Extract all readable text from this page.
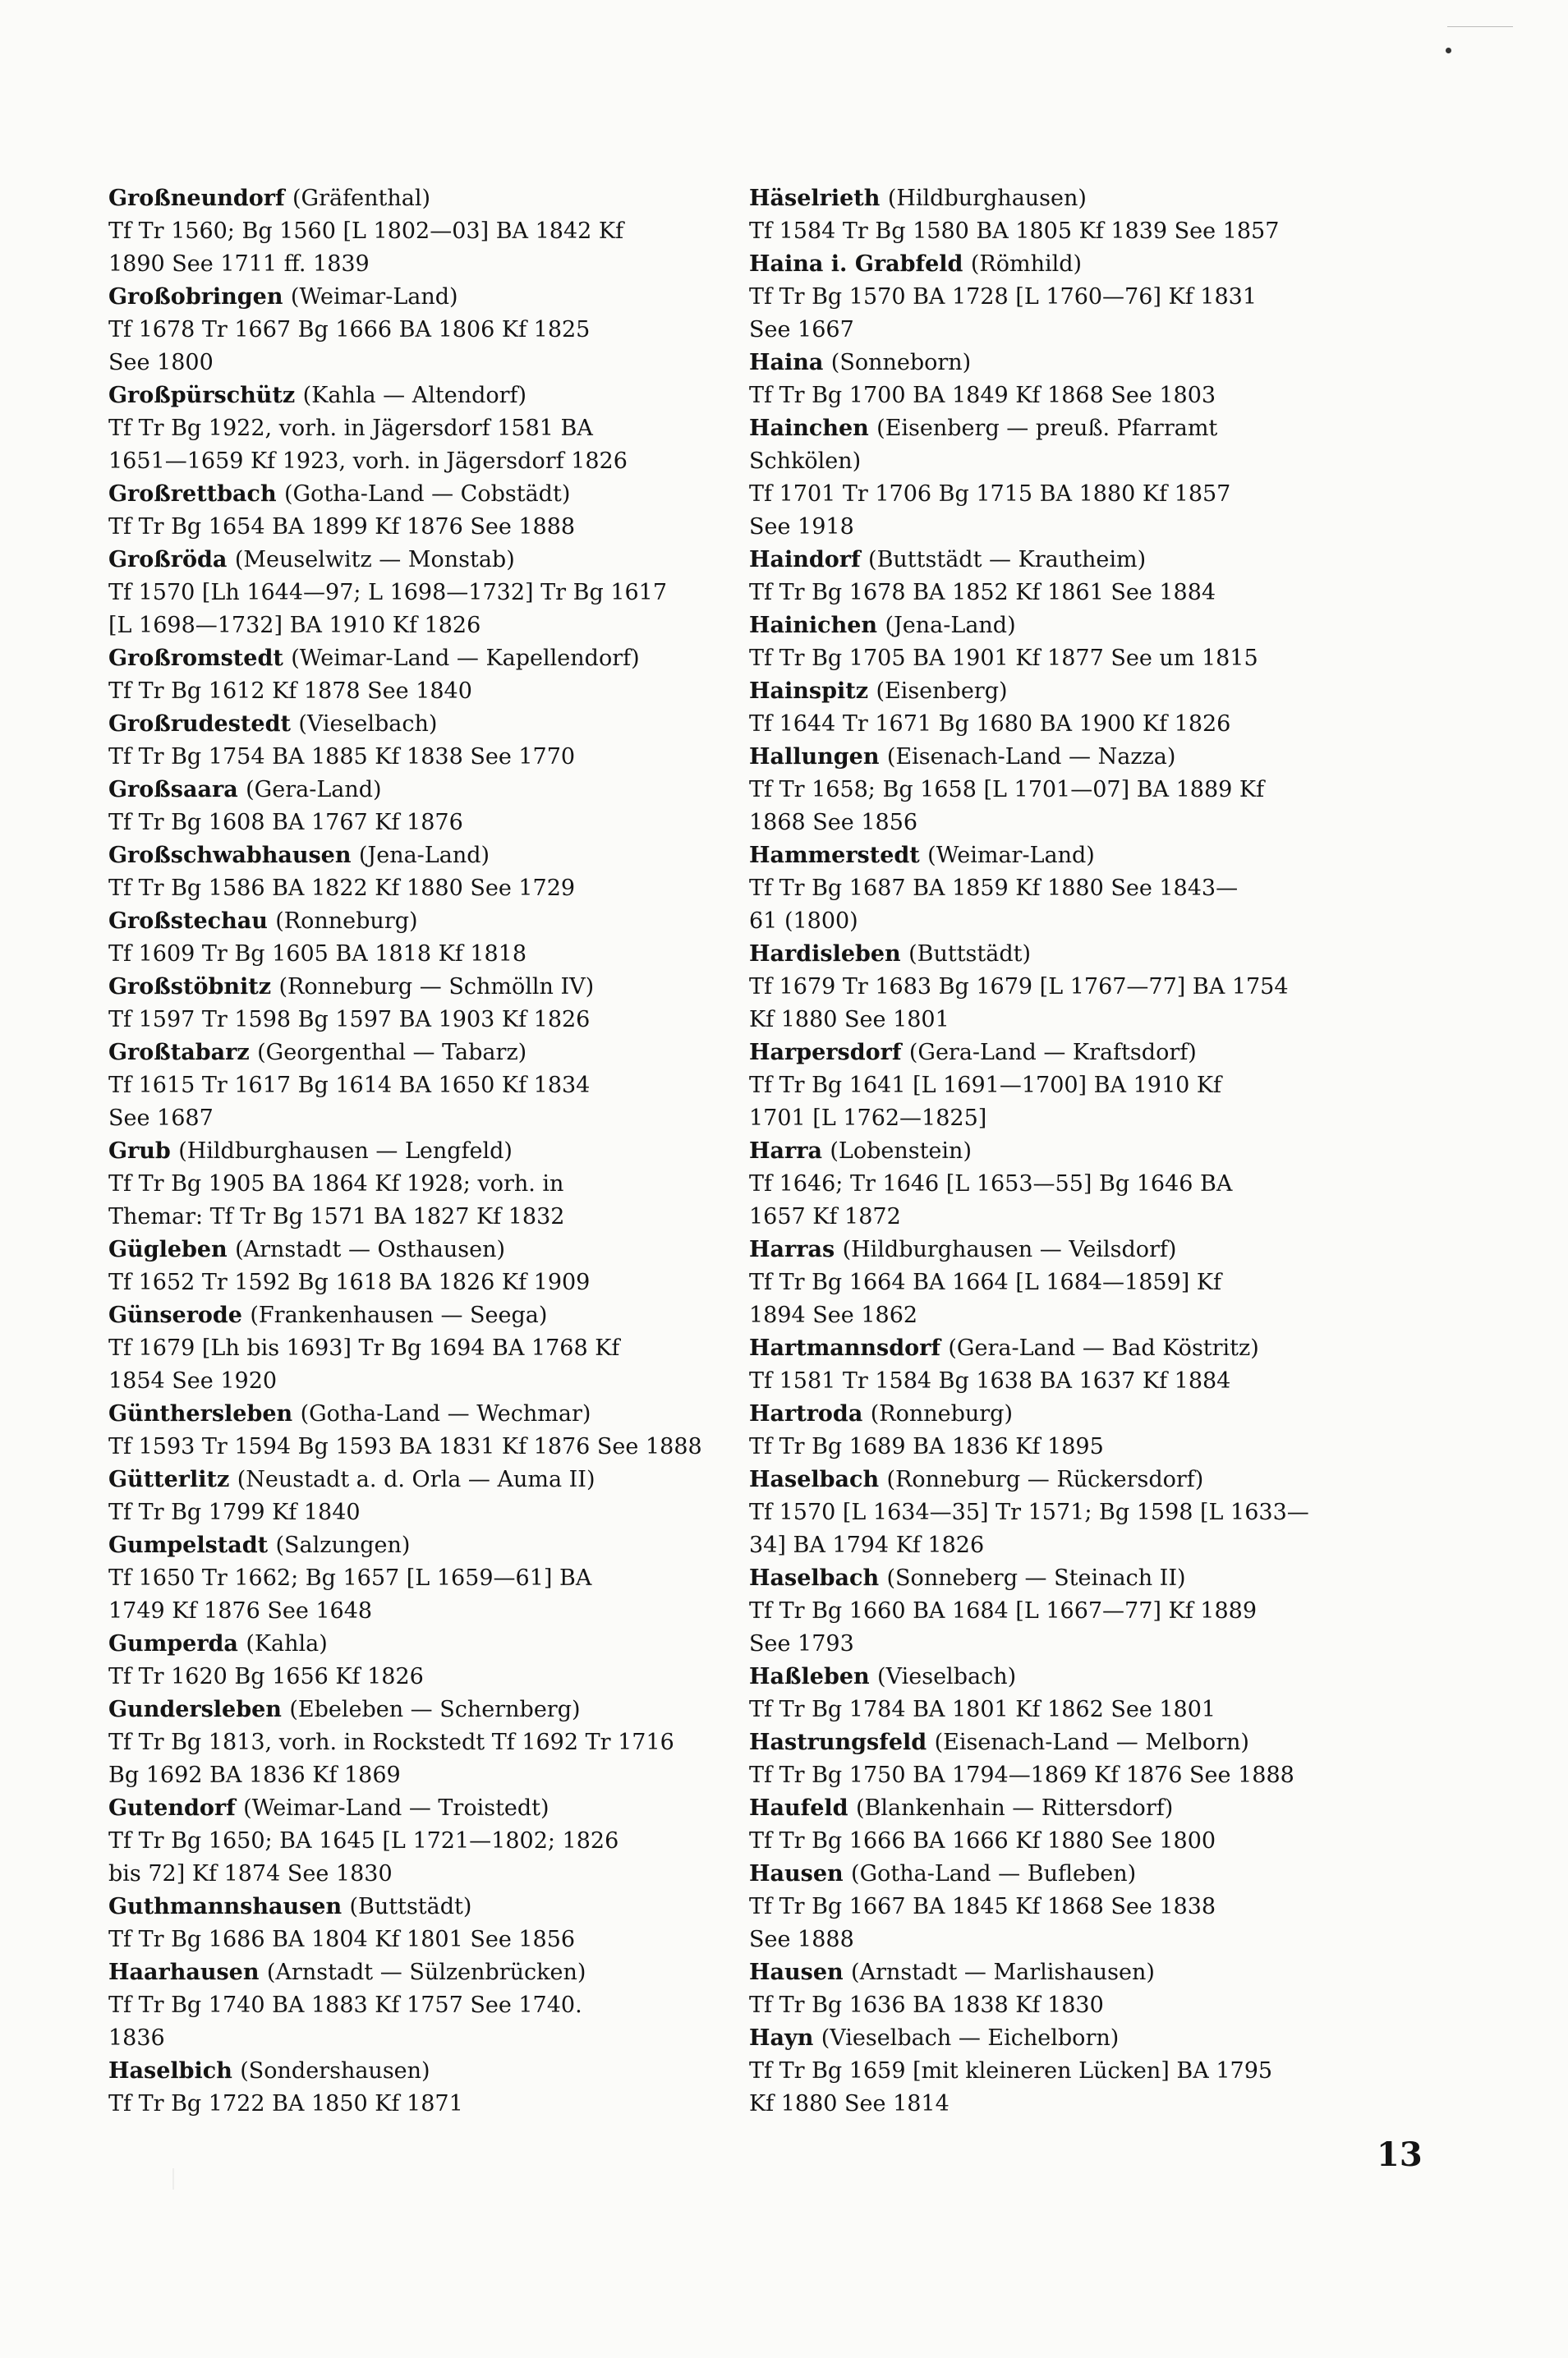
Großneundorf (Gräfenthal)
Tf Tr 1560; Bg 1560 [L 1802—03] BA 1842 Kf
1890 See 1711 ff. 1839
Großobringen (Weimar-Land)
Tf 1678 Tr 1667 Bg 1666 BA 1806 Kf 1825
See 1800
Großpürschütz (Kahla — Altendorf)
Tf Tr Bg 1922, vorh. in Jägersdorf 1581 BA
1651—1659 Kf 1923, vorh. in Jägersdorf 1826
Großrettbach (Gotha-Land — Cobstädt)
Tf Tr Bg 1654 BA 1899 Kf 1876 See 1888
Großröda (Meuselwitz — Monstab)
Tf 1570 [Lh 1644—97; L 1698—1732] Tr Bg 1617
[L 1698—1732] BA 1910 Kf 1826
Großromstedt (Weimar-Land — Kapellendorf)
Tf Tr Bg 1612 Kf 1878 See 1840
Großrudestedt (Vieselbach)
Tf Tr Bg 1754 BA 1885 Kf 1838 See 1770
Großsaara (Gera-Land)
Tf Tr Bg 1608 BA 1767 Kf 1876
Großschwabhausen (Jena-Land)
Tf Tr Bg 1586 BA 1822 Kf 1880 See 1729
Großstechau (Ronneburg)
Tf 1609 Tr Bg 1605 BA 1818 Kf 1818
Großstöbnitz (Ronneburg — Schmölln IV)
Tf 1597 Tr 1598 Bg 1597 BA 1903 Kf 1826
Großtabarz (Georgenthal — Tabarz)
Tf 1615 Tr 1617 Bg 1614 BA 1650 Kf 1834
See 1687
Grub (Hildburghausen — Lengfeld)
Tf Tr Bg 1905 BA 1864 Kf 1928; vorh. in
Themar: Tf Tr Bg 1571 BA 1827 Kf 1832
Gügleben (Arnstadt — Osthausen)
Tf 1652 Tr 1592 Bg 1618 BA 1826 Kf 1909
Günserode (Frankenhausen — Seega)
Tf 1679 [Lh bis 1693] Tr Bg 1694 BA 1768 Kf
1854 See 1920
Günthersleben (Gotha-Land — Wechmar)
Tf 1593 Tr 1594 Bg 1593 BA 1831 Kf 1876 See 1888
Gütterlitz (Neustadt a. d. Orla — Auma II)
Tf Tr Bg 1799 Kf 1840
Gumpelstadt (Salzungen)
Tf 1650 Tr 1662; Bg 1657 [L 1659—61] BA
1749 Kf 1876 See 1648
Gumperda (Kahla)
Tf Tr 1620 Bg 1656 Kf 1826
Gundersleben (Ebeleben — Schernberg)
Tf Tr Bg 1813, vorh. in Rockstedt Tf 1692 Tr 1716
Bg 1692 BA 1836 Kf 1869
Gutendorf (Weimar-Land — Troistedt)
Tf Tr Bg 1650; BA 1645 [L 1721—1802; 1826
bis 72] Kf 1874 See 1830
Guthmannshausen (Buttstädt)
Tf Tr Bg 1686 BA 1804 Kf 1801 See 1856
Haarhausen (Arnstadt — Sülzenbrücken)
Tf Tr Bg 1740 BA 1883 Kf 1757 See 1740.
1836
Haselbich (Sondershausen)
Tf Tr Bg 1722 BA 1850 Kf 1871
Häselrieth (Hildburghausen)
Tf 1584 Tr Bg 1580 BA 1805 Kf 1839 See 1857
Haina i. Grabfeld (Römhild)
Tf Tr Bg 1570 BA 1728 [L 1760—76] Kf 1831
See 1667
Haina (Sonneborn)
Tf Tr Bg 1700 BA 1849 Kf 1868 See 1803
Hainchen (Eisenberg — preuß. Pfarramt
Schkölen)
Tf 1701 Tr 1706 Bg 1715 BA 1880 Kf 1857
See 1918
Haindorf (Buttstädt — Krautheim)
Tf Tr Bg 1678 BA 1852 Kf 1861 See 1884
Hainichen (Jena-Land)
Tf Tr Bg 1705 BA 1901 Kf 1877 See um 1815
Hainspitz (Eisenberg)
Tf 1644 Tr 1671 Bg 1680 BA 1900 Kf 1826
Hallungen (Eisenach-Land — Nazza)
Tf Tr 1658; Bg 1658 [L 1701—07] BA 1889 Kf
1868 See 1856
Hammerstedt (Weimar-Land)
Tf Tr Bg 1687 BA 1859 Kf 1880 See 1843—
61 (1800)
Hardisleben (Buttstädt)
Tf 1679 Tr 1683 Bg 1679 [L 1767—77] BA 1754
Kf 1880 See 1801
Harpersdorf (Gera-Land — Kraftsdorf)
Tf Tr Bg 1641 [L 1691—1700] BA 1910 Kf
1701 [L 1762—1825]
Harra (Lobenstein)
Tf 1646; Tr 1646 [L 1653—55] Bg 1646 BA
1657 Kf 1872
Harras (Hildburghausen — Veilsdorf)
Tf Tr Bg 1664 BA 1664 [L 1684—1859] Kf
1894 See 1862
Hartmannsdorf (Gera-Land — Bad Köstritz)
Tf 1581 Tr 1584 Bg 1638 BA 1637 Kf 1884
Hartroda (Ronneburg)
Tf Tr Bg 1689 BA 1836 Kf 1895
Haselbach (Ronneburg — Rückersdorf)
Tf 1570 [L 1634—35] Tr 1571; Bg 1598 [L 1633—
34] BA 1794 Kf 1826
Haselbach (Sonneberg — Steinach II)
Tf Tr Bg 1660 BA 1684 [L 1667—77] Kf 1889
See 1793
Haßleben (Vieselbach)
Tf Tr Bg 1784 BA 1801 Kf 1862 See 1801
Hastrungsfeld (Eisenach-Land — Melborn)
Tf Tr Bg 1750 BA 1794—1869 Kf 1876 See 1888
Haufeld (Blankenhain — Rittersdorf)
Tf Tr Bg 1666 BA 1666 Kf 1880 See 1800
Hausen (Gotha-Land — Bufleben)
Tf Tr Bg 1667 BA 1845 Kf 1868 See 1838
See 1888
Hausen (Arnstadt — Marlishausen)
Tf Tr Bg 1636 BA 1838 Kf 1830
Hayn (Vieselbach — Eichelborn)
Tf Tr Bg 1659 [mit kleineren Lücken] BA 1795
Kf 1880 See 1814
13
